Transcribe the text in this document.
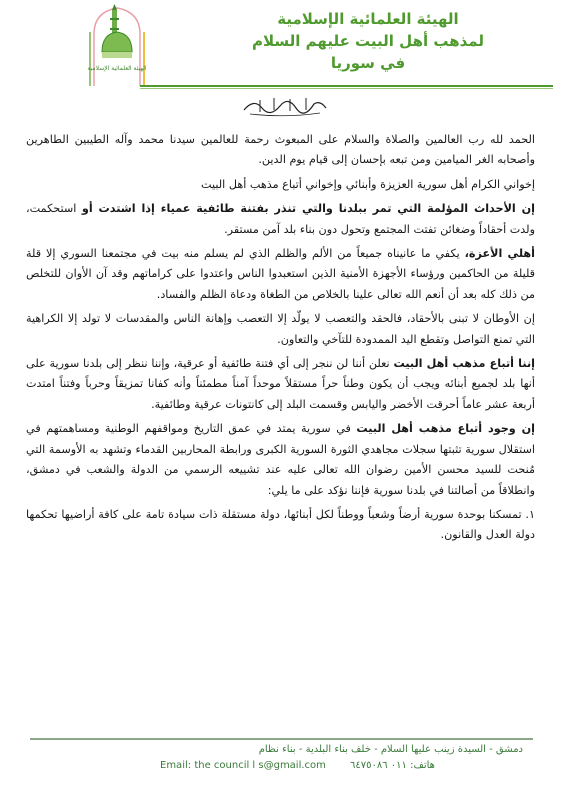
الهيئة العلمائية الإسلامية
الهيئة العلمائية الإسلامية
لمذهب أهل البيت عليهم السلام
في سوريا

الحمد لله رب العالمين والصلاة والسلام على المبعوث رحمة للعالمين سيدنا محمد وآله الطيبين الطاهرين وأصحابه الغر الميامين ومن تبعه بإحسان إلى قيام يوم الدين.

إخواني الكرام أهل سورية العزيزة وأبنائي وإخواني أتباع مذهب أهل البيت

إن الأحداث المؤلمة التي تمر ببلدنا والتي تنذر بفتنة طائفية عمياء إذا اشتدت أو استحكمت، ولدت أحقاداً وضغائن تفتت المجتمع وتحول دون بناء بلد آمن مستقر.

أهلي الأعزة، يكفي ما عانيناه جميعاً من الألم والظلم الذي لم يسلم منه بيت في مجتمعنا السوري إلا قلة قليلة من الحاكمين ورؤساء الأجهزة الأمنية الذين استعبدوا الناس واعتدوا على كراماتهم وقد آن الأوان للتخلص من ذلك كله بعد أن أنعم الله تعالى علينا بالخلاص من الطغاة ودعاة الظلم والفساد.

إن الأوطان لا تبنى بالأحقاد، فالحقد والتعصب لا يولّد إلا التعصب وإهانة الناس والمقدسات لا تولد إلا الكراهية التي تمنع التواصل وتقطع اليد الممدودة للتآخي والتعاون.

إننا أتباع مذهب أهل البيت نعلن أننا لن ننجر إلى أي فتنة طائفية أو عرقية، وإننا ننظر إلى بلدنا سورية على أنها بلد لجميع أبنائه ويجب أن يكون وطناً حراً مستقلاً موحداً آمناً مطمئناً وأنه كفانا تمزيقاً وحرباً وفتناً امتدت أربعة عشر عاماً أحرقت الأخضر واليابس وقسمت البلد إلى كانتونات عرقية وطائفية.

إن وجود أتباع مذهب أهل البيت في سورية يمتد في عمق التاريخ ومواقفهم الوطنية ومساهمتهم في استقلال سورية تثبتها سجلات مجاهدي الثورة السورية الكبرى ورابطة المحاربين القدماء وتشهد به الأوسمة التي مُنحت للسيد محسن الأمين رضوان الله تعالى عليه عند تشييعه الرسمي من الدولة والشعب في دمشق، وانطلاقاً من أصالتنا في بلدنا سورية فإننا نؤكد على ما يلي:

١. تمسكنا بوحدة سورية أرضاً وشعباً ووطناً لكل أبنائها، دولة مستقلة ذات سيادة تامة على كافة أراضيها تحكمها دولة العدل والقانون.

دمشق - السيدة زينب عليها السلام - خلف بناء البلدية - بناء نظام
Email: the council l s@gmail.com	هاتف: ٠١١ ٦٤٧٥٠٨٦
